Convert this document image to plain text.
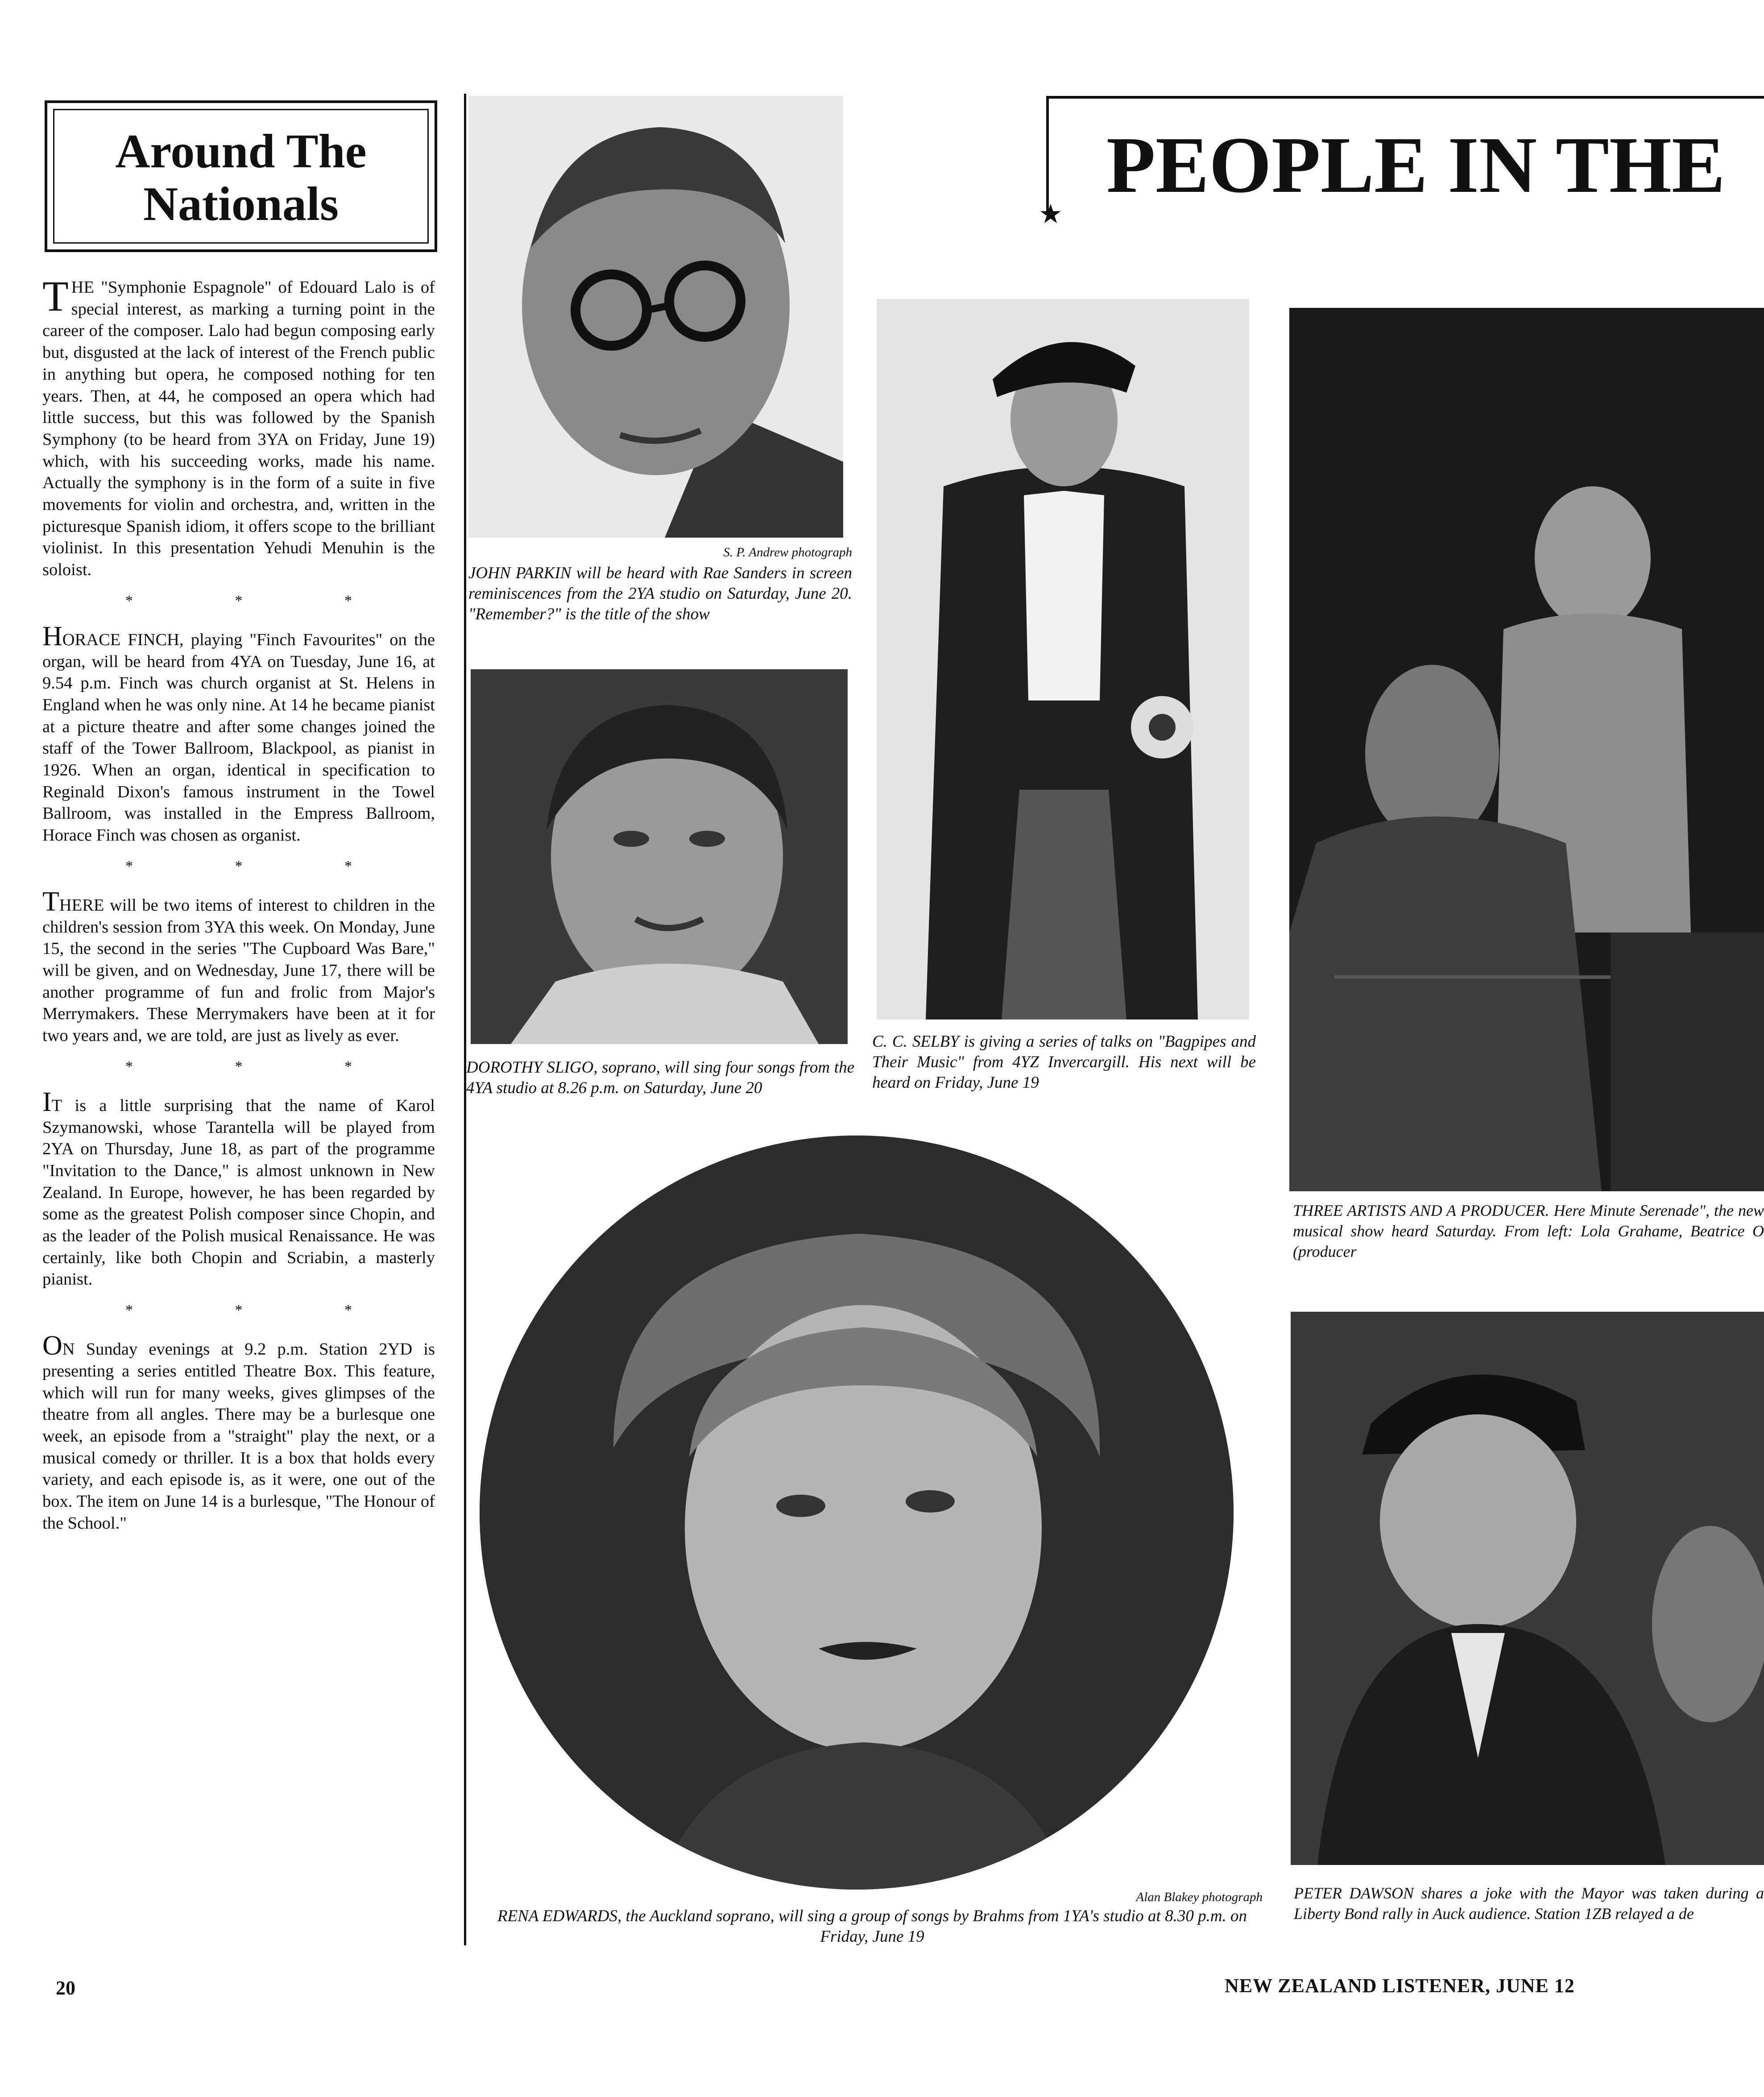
Around The
Nationals

THE "Symphonie Espagnole" of Edouard Lalo is of special interest, as marking a turning point in the career of the composer. Lalo had begun composing early but, disgusted at the lack of interest of the French public in anything but opera, he composed nothing for ten years. Then, at 44, he composed an opera which had little success, but this was followed by the Spanish Symphony (to be heard from 3YA on Friday, June 19) which, with his succeeding works, made his name. Actually the symphony is in the form of a suite in five movements for violin and orchestra, and, written in the picturesque Spanish idiom, it offers scope to the brilliant violinist. In this presentation Yehudi Menuhin is the soloist.

* * *

HORACE FINCH, playing "Finch Favourites" on the organ, will be heard from 4YA on Tuesday, June 16, at 9.54 p.m. Finch was church organist at St. Helens in England when he was only nine. At 14 he became pianist at a picture theatre and after some changes joined the staff of the Tower Ballroom, Blackpool, as pianist in 1926. When an organ, identical in specification to Reginald Dixon's famous instrument in the Towel Ballroom, was installed in the Empress Ballroom, Horace Finch was chosen as organist.

* * *

THERE will be two items of interest to children in the children's session from 3YA this week. On Monday, June 15, the second in the series "The Cupboard Was Bare," will be given, and on Wednesday, June 17, there will be another programme of fun and frolic from Major's Merrymakers. These Merrymakers have been at it for two years and, we are told, are just as lively as ever.

* * *

IT is a little surprising that the name of Karol Szymanowski, whose Tarantella will be played from 2YA on Thursday, June 18, as part of the programme "Invitation to the Dance," is almost unknown in New Zealand. In Europe, however, he has been regarded by some as the greatest Polish composer since Chopin, and as the leader of the Polish musical Renaissance. He was certainly, like both Chopin and Scriabin, a masterly pianist.

* * *

ON Sunday evenings at 9.2 p.m. Station 2YD is presenting a series entitled Theatre Box. This feature, which will run for many weeks, gives glimpses of the theatre from all angles. There may be a burlesque one week, an episode from a "straight" play the next, or a musical comedy or thriller. It is a box that holds every variety, and each episode is, as it were, one out of the box. The item on June 14 is a burlesque, "The Honour of the School."

★
PEOPLE IN THE

S. P. Andrew photograph

JOHN PARKIN will be heard with Rae Sanders in screen reminiscences from the 2YA studio on Saturday, June 20. "Remember?" is the title of the show

DOROTHY SLIGO, soprano, will sing four songs from the 4YA studio at 8.26 p.m. on Saturday, June 20

C. C. SELBY is giving a series of talks on "Bagpipes and Their Music" from 4YZ Invercargill. His next will be heard on Friday, June 19

Alan Blakey photograph

RENA EDWARDS, the Auckland soprano, will sing a group of songs by Brahms from 1YA's studio at 8.30 p.m. on Friday, June 19

THREE ARTISTS AND A PRODUCER. Here Minute Serenade", the new musical show heard Saturday. From left: Lola Grahame, Beatrice O (producer

PETER DAWSON shares a joke with the Mayor was taken during a Liberty Bond rally in Auck audience. Station 1ZB relayed a de

20	NEW ZEALAND LISTENER, JUNE 12
